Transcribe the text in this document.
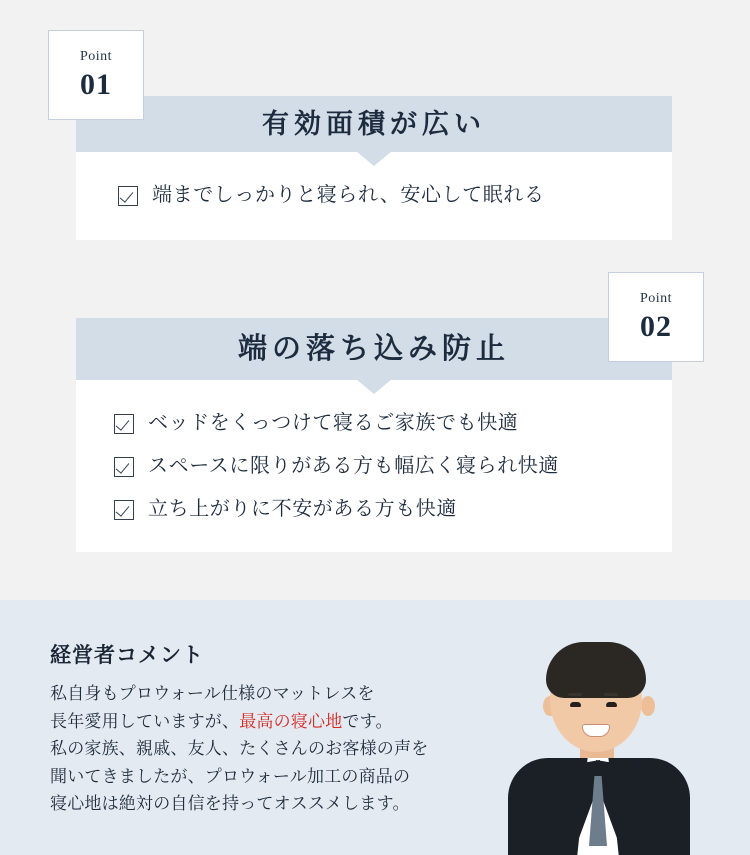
Point
01
有効面積が広い
端までしっかりと寝られ、安心して眠れる
Point
02
端の落ち込み防止
ベッドをくっつけて寝るご家族でも快適
スペースに限りがある方も幅広く寝られ快適
立ち上がりに不安がある方も快適
経営者コメント

私自身もプロウォール仕様のマットレスを
長年愛用していますが、最高の寝心地です。
私の家族、親戚、友人、たくさんのお客様の声を
聞いてきましたが、プロウォール加工の商品の
寝心地は絶対の自信を持ってオススメします。
